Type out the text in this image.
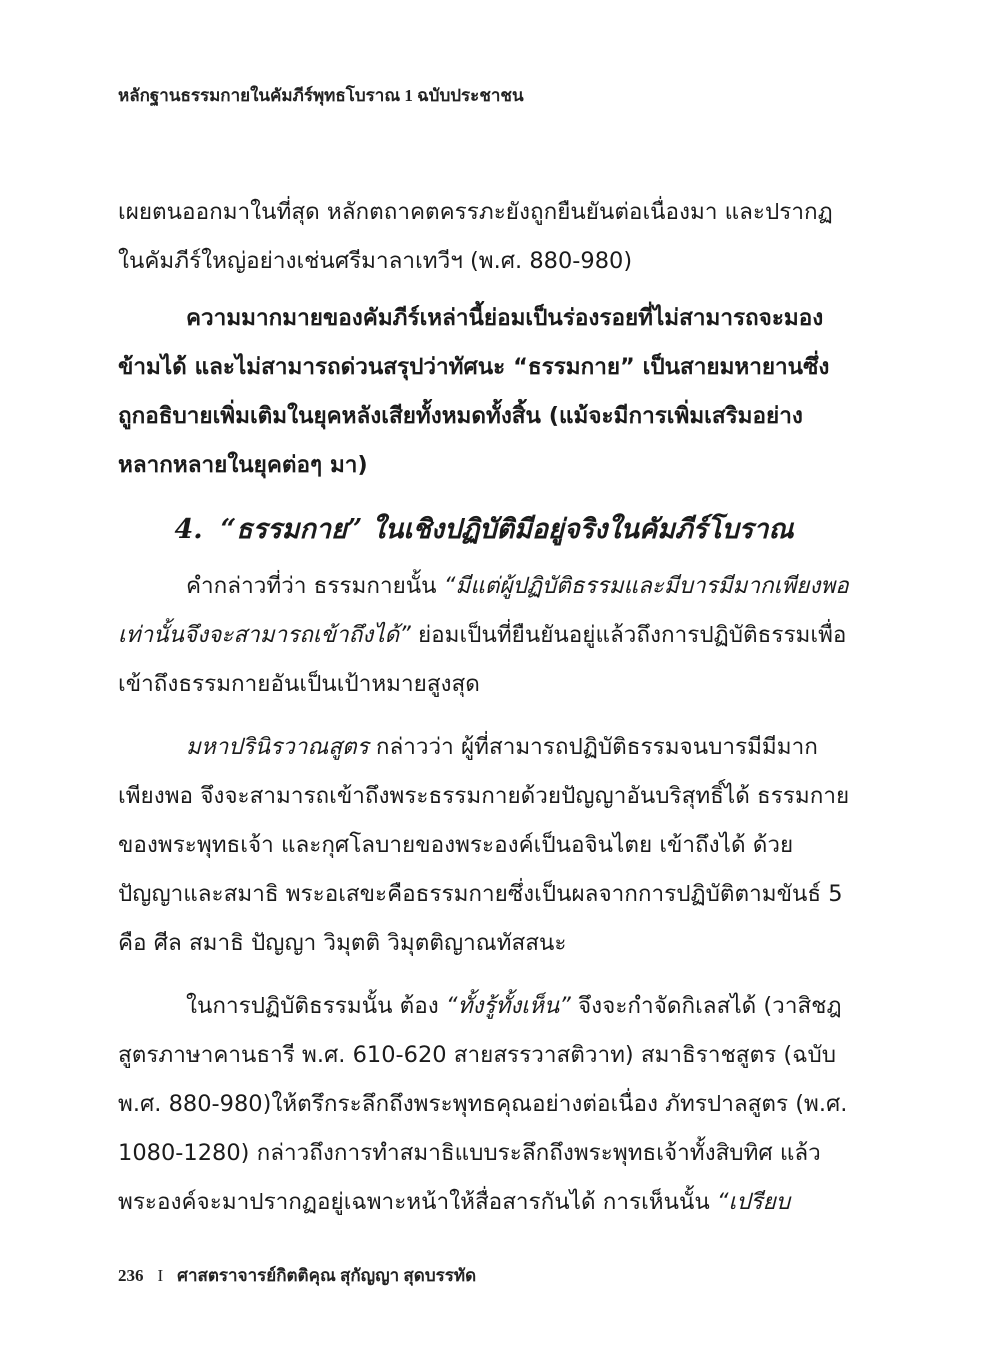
หลักฐานธรรมกายในคัมภีร์พุทธโบราณ 1 ฉบับประชาชน

เผยตนออกมาในที่สุด หลักตถาคตครรภะยังถูกยืนยันต่อเนื่องมา และปรากฏในคัมภีร์ใหญ่อย่างเช่นศรีมาลาเทวีฯ (พ.ศ. 880-980)

ความมากมายของคัมภีร์เหล่านี้ย่อมเป็นร่องรอยที่ไม่สามารถจะมองข้ามได้ และไม่สามารถด่วนสรุปว่าทัศนะ “ธรรมกาย” เป็นสายมหายานซึ่งถูกอธิบายเพิ่มเติมในยุคหลังเสียทั้งหมดทั้งสิ้น (แม้จะมีการเพิ่มเสริมอย่างหลากหลายในยุคต่อๆ มา)

4. “ธรรมกาย” ในเชิงปฏิบัติมีอยู่จริงในคัมภีร์โบราณ

คำกล่าวที่ว่า ธรรมกายนั้น “มีแต่ผู้ปฏิบัติธรรมและมีบารมีมากเพียงพอเท่านั้นจึงจะสามารถเข้าถึงได้” ย่อมเป็นที่ยืนยันอยู่แล้วถึงการปฏิบัติธรรมเพื่อเข้าถึงธรรมกายอันเป็นเป้าหมายสูงสุด

มหาปรินิรวาณสูตร กล่าวว่า ผู้ที่สามารถปฏิบัติธรรมจนบารมีมีมากเพียงพอ จึงจะสามารถเข้าถึงพระธรรมกายด้วยปัญญาอันบริสุทธิ์ได้ ธรรมกายของพระพุทธเจ้า และกุศโลบายของพระองค์เป็นอจินไตย เข้าถึงได้ ด้วยปัญญาและสมาธิ พระอเสขะคือธรรมกายซึ่งเป็นผลจากการปฏิบัติตามขันธ์ 5 คือ ศีล สมาธิ ปัญญา วิมุตติ วิมุตติญาณทัสสนะ

ในการปฏิบัติธรรมนั้น ต้อง “ทั้งรู้ทั้งเห็น” จึงจะกำจัดกิเลสได้ (วาสิชฎสูตรภาษาคานธารี พ.ศ. 610-620 สายสรรวาสติวาท) สมาธิราชสูตร (ฉบับ พ.ศ. 880-980)ให้ตรึกระลึกถึงพระพุทธคุณอย่างต่อเนื่อง ภัทรปาลสูตร (พ.ศ. 1080-1280) กล่าวถึงการทำสมาธิแบบระลึกถึงพระพุทธเจ้าทั้งสิบทิศ แล้วพระองค์จะมาปรากฏอยู่เฉพาะหน้าให้สื่อสารกันได้ การเห็นนั้น “เปรียบ

236 I ศาสตราจารย์กิตติคุณ สุกัญญา สุดบรรทัด
